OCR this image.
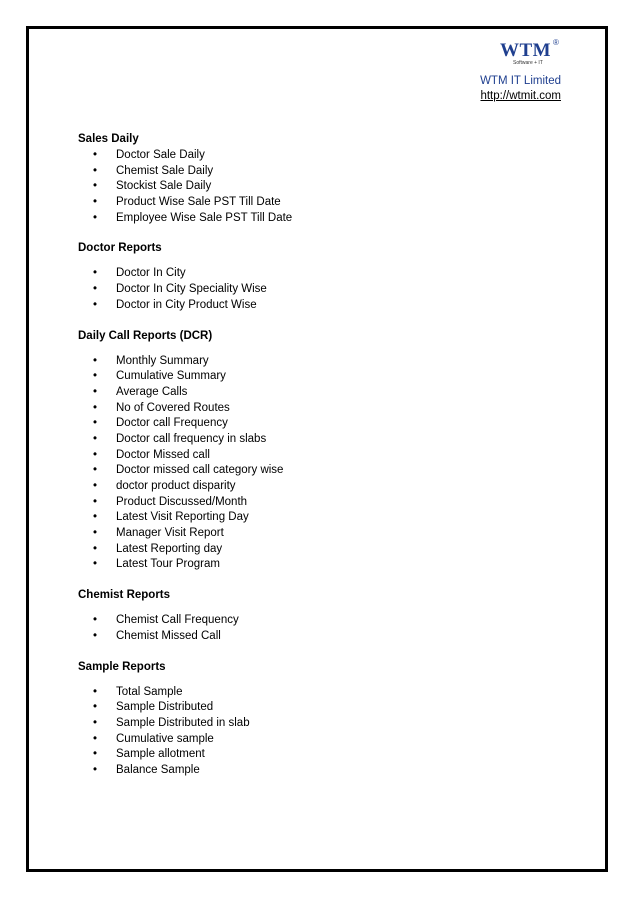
WTM ®
Software + IT
WTM IT Limited
http://wtmit.com
Sales Daily
• Doctor Sale Daily
• Chemist Sale Daily
• Stockist Sale Daily
• Product Wise Sale PST Till Date
• Employee Wise Sale PST Till Date
Doctor Reports
• Doctor In City
• Doctor In City Speciality Wise
• Doctor in City Product Wise
Daily Call Reports (DCR)
• Monthly Summary
• Cumulative Summary
• Average Calls
• No of Covered Routes
• Doctor call Frequency
• Doctor call frequency in slabs
• Doctor Missed call
• Doctor missed call category wise
• doctor product disparity
• Product Discussed/Month
• Latest Visit Reporting Day
• Manager Visit Report
• Latest Reporting day
• Latest Tour Program
Chemist Reports
• Chemist Call Frequency
• Chemist Missed Call
Sample Reports
• Total Sample
• Sample Distributed
• Sample Distributed in slab
• Cumulative sample
• Sample allotment
• Balance Sample
